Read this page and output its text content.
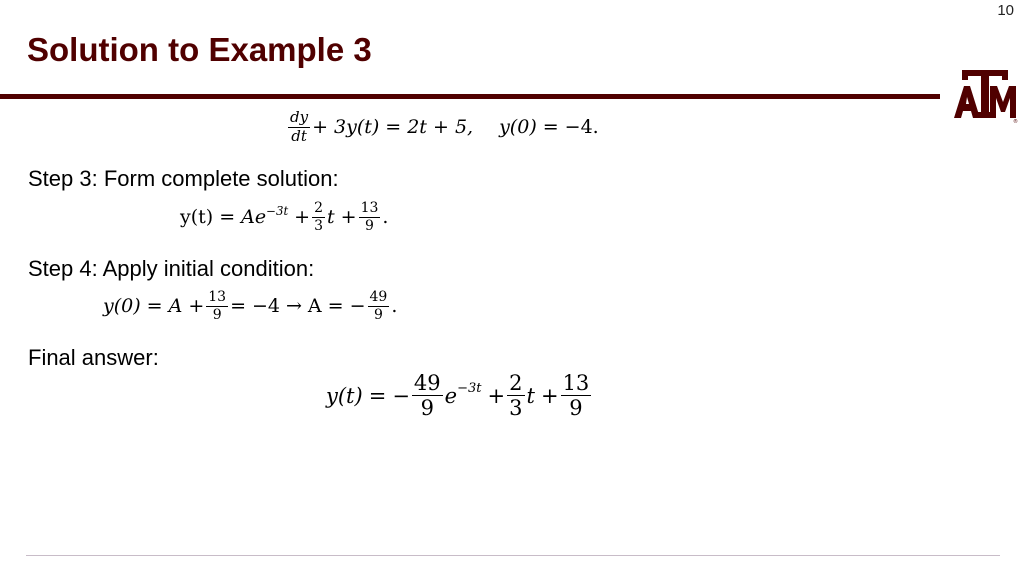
10
Solution to Example 3
®
$\frac{dy}{dt} + 3y(t) = 2t + 5$, y(0) = −4.
Step 3: Form complete solution:
$y(t) = Ae -3t + \frac{2}{3}$ $t + \frac{13}{9}$ .
Step 4: Apply initial condition:
$y(0) = A + \frac{13}{9} = -4 \to A$ = − $\frac{49}{9}$ .
Final answer:
y(t) = − $\frac{49}{9}$ $e -3t + \frac{2}{3}$ $t + \frac{13}{9}$
